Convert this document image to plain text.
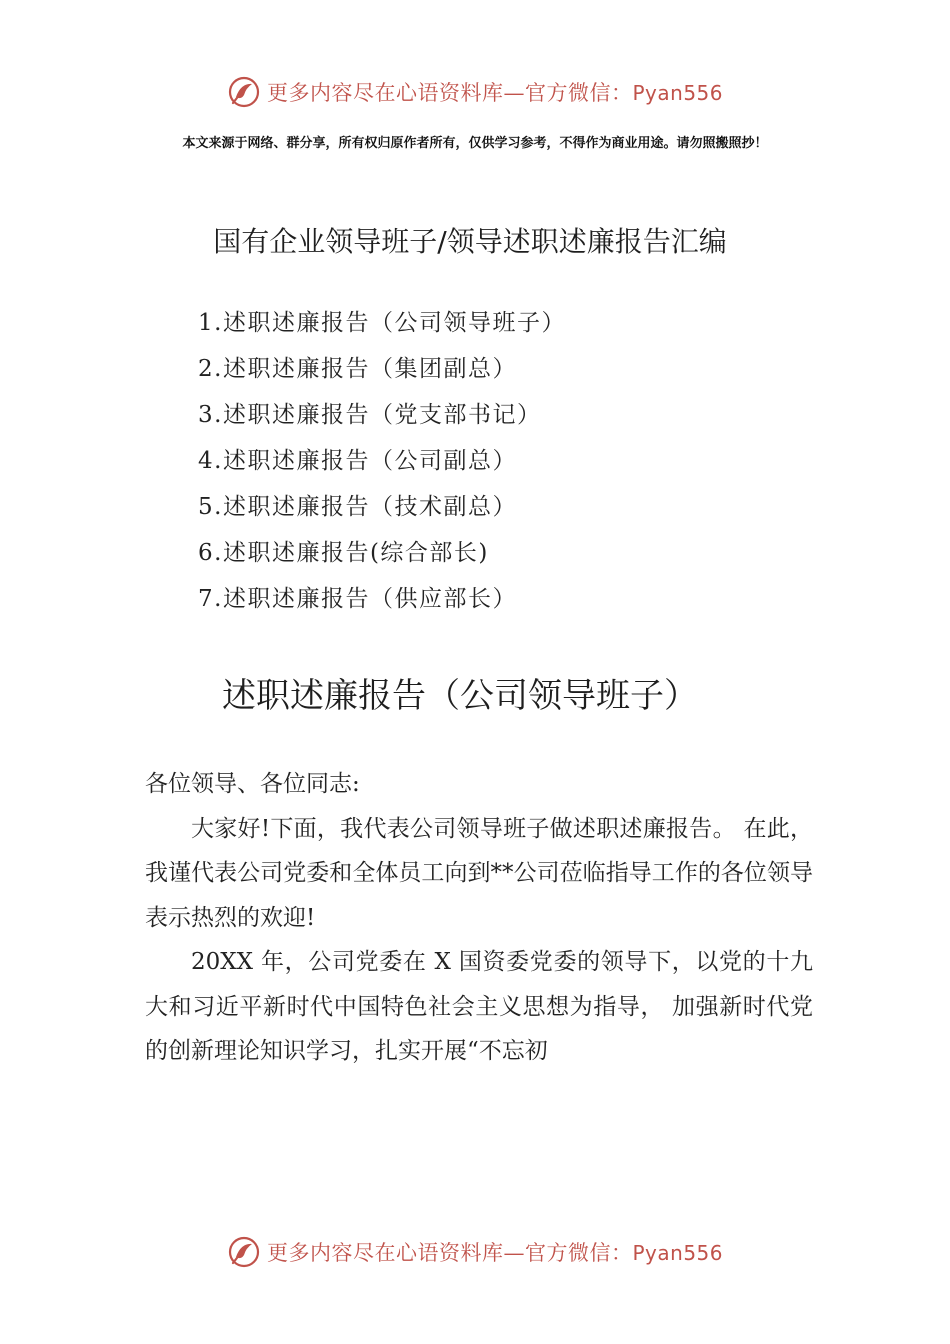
更多内容尽在心语资料库—官方微信：Pyan556
本文来源于网络、群分享，所有权归原作者所有，仅供学习参考，不得作为商业用途。请勿照搬照抄！
国有企业领导班子/领导述职述廉报告汇编
1.述职述廉报告（公司领导班子）
2.述职述廉报告（集团副总）
3.述职述廉报告（党支部书记）
4.述职述廉报告（公司副总）
5.述职述廉报告（技术副总）
6.述职述廉报告(综合部长)
7.述职述廉报告（供应部长）
述职述廉报告（公司领导班子）

各位领导、各位同志:

大家好!下面，我代表公司领导班子做述职述廉报告。 在此，我谨代表公司党委和全体员工向到**公司莅临指导工作的各位领导表示热烈的欢迎!

20XX 年，公司党委在 X 国资委党委的领导下，以党的十九大和习近平新时代中国特色社会主义思想为指导， 加强新时代党的创新理论知识学习，扎实开展“不忘初

更多内容尽在心语资料库—官方微信：Pyan556
